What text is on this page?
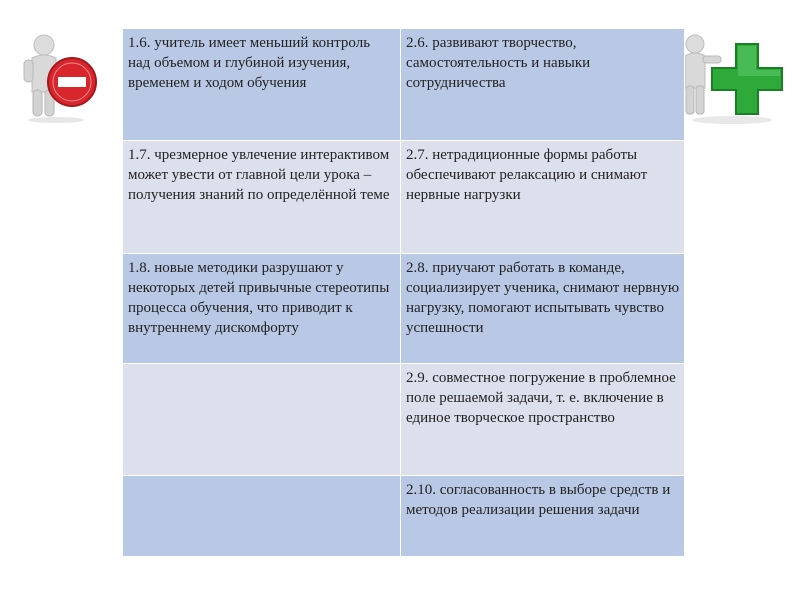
1.6. учитель имеет меньший контроль над объемом и глубиной изучения, временем и ходом обучения	2.6. развивают творчество, самостоятельность и навыки сотрудничества
1.7. чрезмерное увлечение интерактивом может увести от главной цели урока – получения знаний по определённой теме	2.7. нетрадиционные формы работы обеспечивают релаксацию и снимают нервные нагрузки
1.8. новые методики разрушают у некоторых детей привычные стереотипы процесса обучения, что приводит к внутреннему дискомфорту	2.8. приучают работать в команде, социализирует ученика, снимают нервную нагрузку, помогают испытывать чувство успешности
	2.9. совместное погружение в проблемное поле решаемой задачи, т. е. включение в единое творческое пространство
	2.10. согласованность в выборе средств и методов реализации решения задачи
